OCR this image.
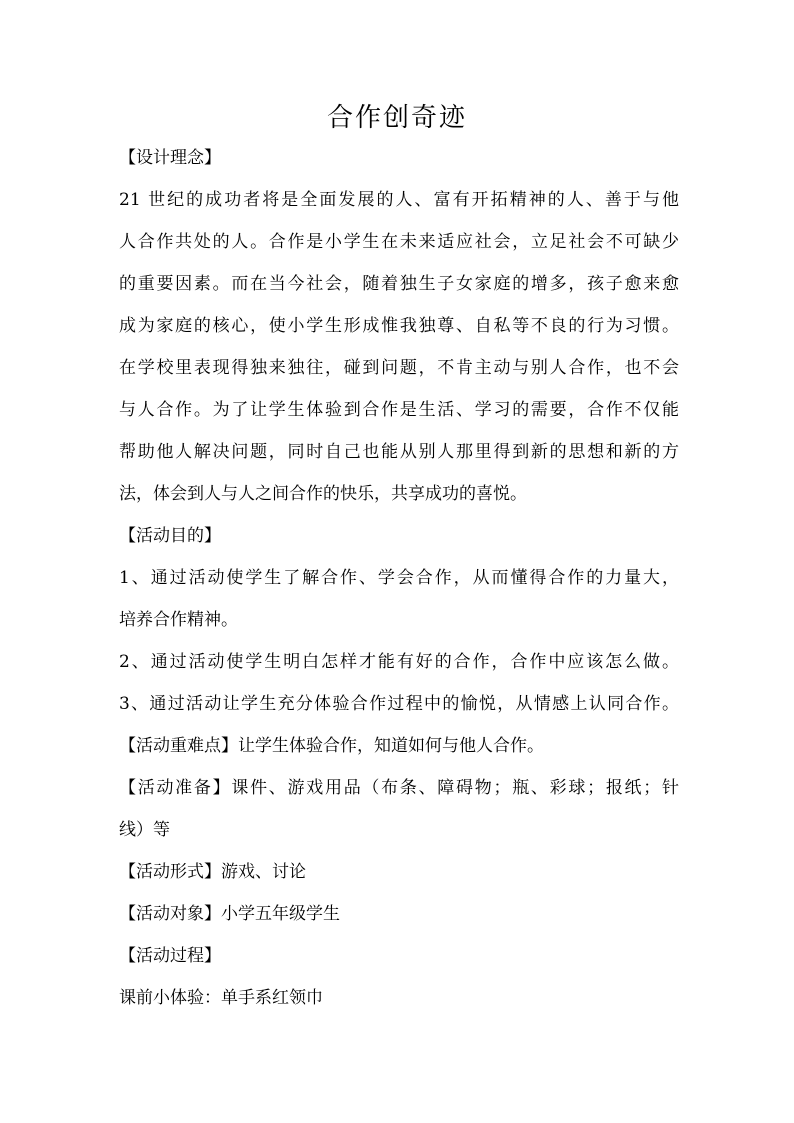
合作创奇迹
【设计理念】
21 世纪的成功者将是全面发展的人、富有开拓精神的人、善于与他
人合作共处的人。合作是小学生在未来适应社会，立足社会不可缺少
的重要因素。而在当今社会，随着独生子女家庭的增多，孩子愈来愈
成为家庭的核心，使小学生形成惟我独尊、自私等不良的行为习惯。
在学校里表现得独来独往，碰到问题，不肯主动与别人合作，也不会
与人合作。为了让学生体验到合作是生活、学习的需要，合作不仅能
帮助他人解决问题，同时自己也能从别人那里得到新的思想和新的方
法，体会到人与人之间合作的快乐，共享成功的喜悦。
【活动目的】
1、通过活动使学生了解合作、学会合作，从而懂得合作的力量大，
培养合作精神。
2、通过活动使学生明白怎样才能有好的合作，合作中应该怎么做。
3、通过活动让学生充分体验合作过程中的愉悦，从情感上认同合作。
【活动重难点】让学生体验合作，知道如何与他人合作。
【活动准备】课件、游戏用品（布条、障碍物；瓶、彩球；报纸；针
线）等
【活动形式】游戏、讨论
【活动对象】小学五年级学生
【活动过程】
课前小体验：单手系红领巾
